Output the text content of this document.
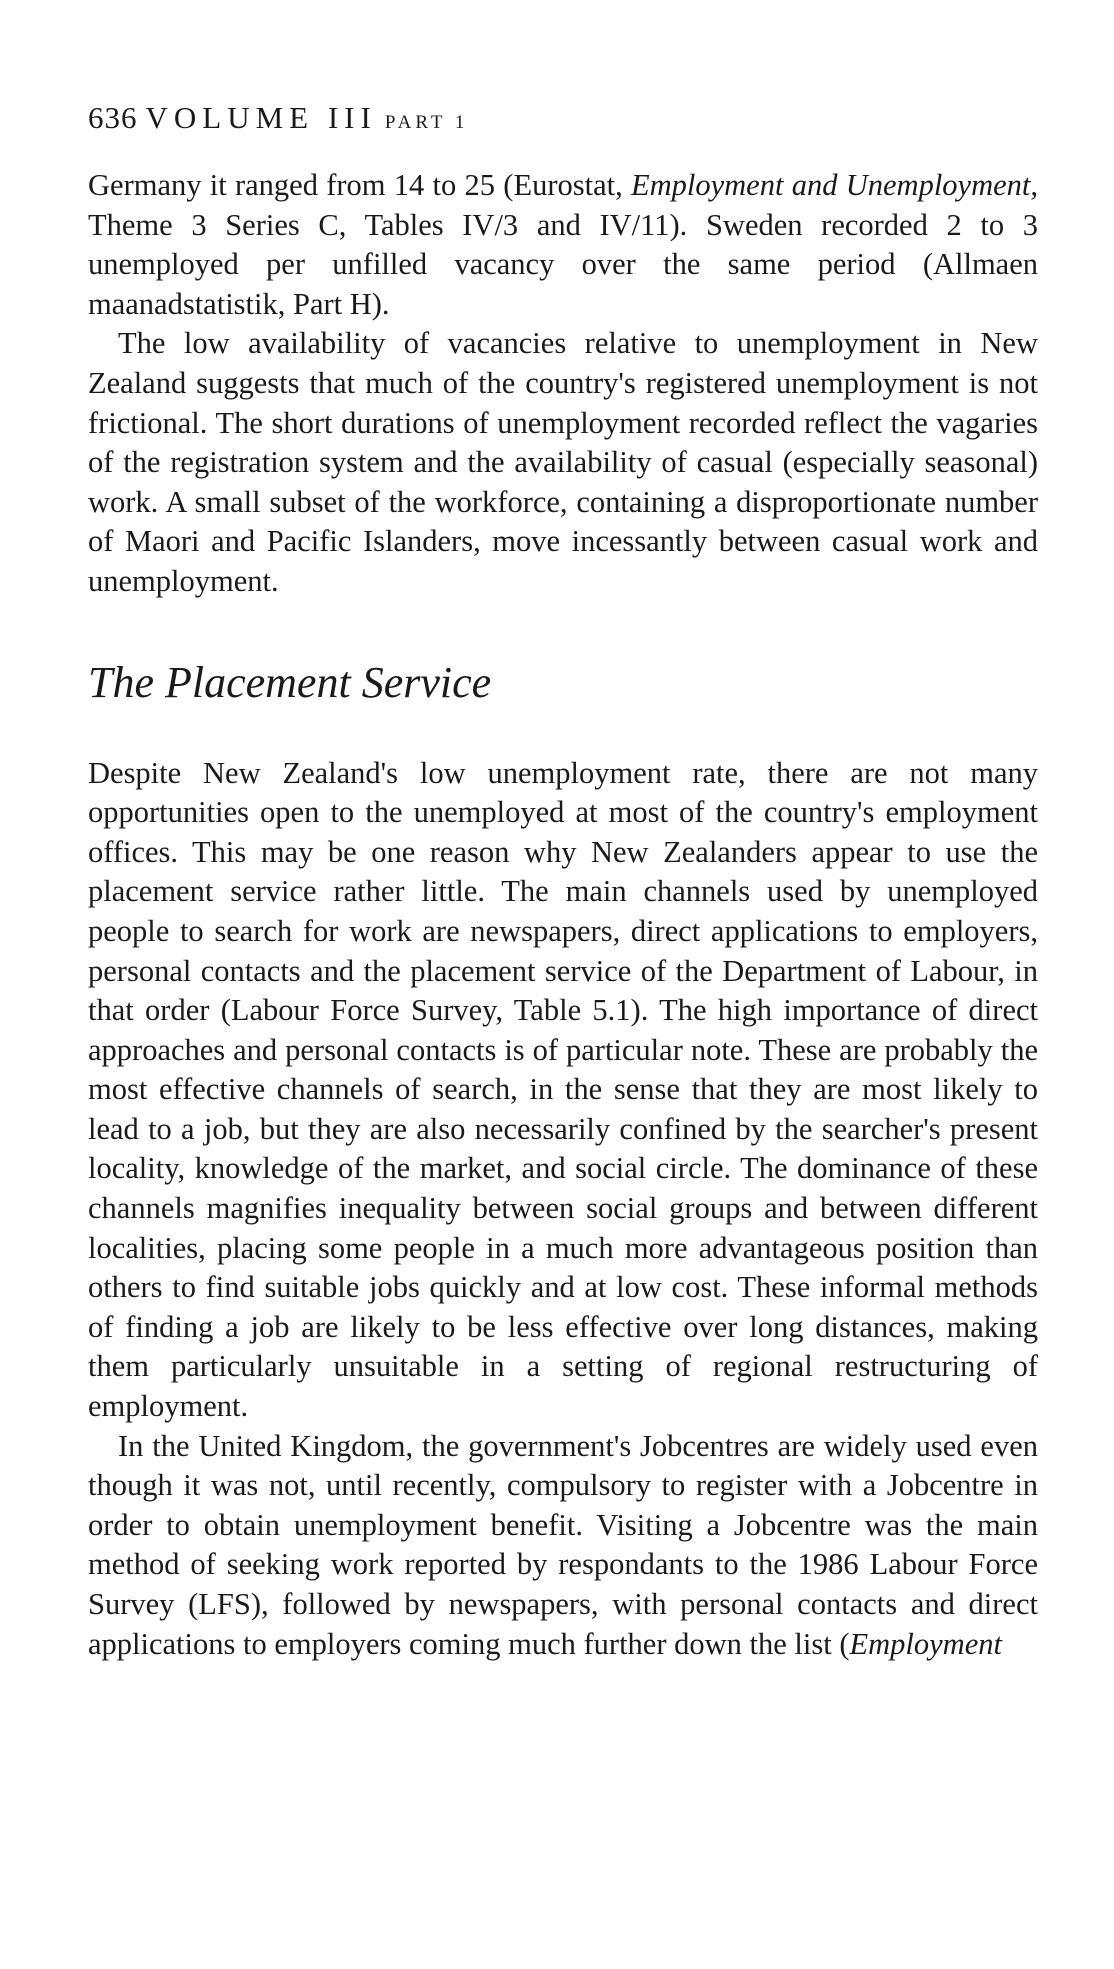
636 VOLUME III PART 1

Germany it ranged from 14 to 25 (Eurostat, Employment and Unemployment, Theme 3 Series C, Tables IV/3 and IV/11). Sweden recorded 2 to 3 unemployed per unfilled vacancy over the same period (Allmaen maanadstatistik, Part H).

The low availability of vacancies relative to unemployment in New Zealand suggests that much of the country's registered unemployment is not frictional. The short durations of unemployment recorded reflect the vagaries of the registration system and the availability of casual (especially seasonal) work. A small subset of the workforce, containing a disproportionate number of Maori and Pacific Islanders, move incessantly between casual work and unemployment.

The Placement Service

Despite New Zealand's low unemployment rate, there are not many opportunities open to the unemployed at most of the country's employment offices. This may be one reason why New Zealanders appear to use the placement service rather little. The main channels used by unemployed people to search for work are newspapers, direct applications to employers, personal contacts and the placement service of the Department of Labour, in that order (Labour Force Survey, Table 5.1). The high importance of direct approaches and personal contacts is of particular note. These are probably the most effective channels of search, in the sense that they are most likely to lead to a job, but they are also necessarily confined by the searcher's present locality, knowledge of the market, and social circle. The dominance of these channels magnifies inequality between social groups and between different localities, placing some people in a much more advantageous position than others to find suitable jobs quickly and at low cost. These informal methods of finding a job are likely to be less effective over long distances, making them particularly unsuitable in a setting of regional restructuring of employment.

In the United Kingdom, the government's Jobcentres are widely used even though it was not, until recently, compulsory to register with a Jobcentre in order to obtain unemployment benefit. Visiting a Jobcentre was the main method of seeking work reported by respondants to the 1986 Labour Force Survey (LFS), followed by newspapers, with personal contacts and direct applications to employers coming much further down the list (Employment
